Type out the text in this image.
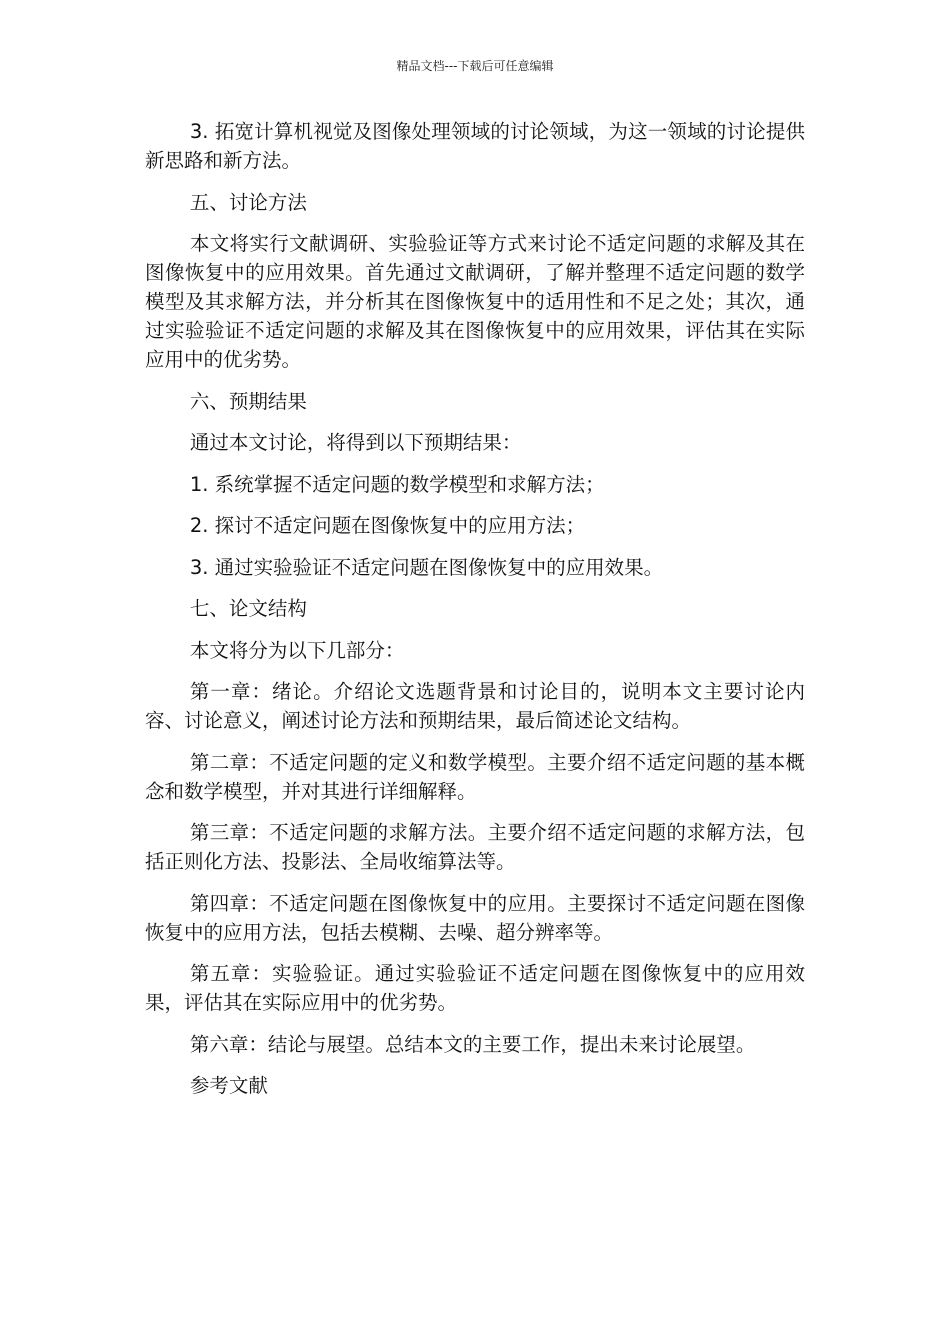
精品文档---下载后可任意编辑

3. 拓宽计算机视觉及图像处理领域的讨论领域，为这一领域的讨论提供新思路和新方法。

五、讨论方法

本文将实行文献调研、实验验证等方式来讨论不适定问题的求解及其在图像恢复中的应用效果。首先通过文献调研，了解并整理不适定问题的数学模型及其求解方法，并分析其在图像恢复中的适用性和不足之处；其次，通过实验验证不适定问题的求解及其在图像恢复中的应用效果，评估其在实际应用中的优劣势。

六、预期结果

通过本文讨论，将得到以下预期结果：

1. 系统掌握不适定问题的数学模型和求解方法；

2. 探讨不适定问题在图像恢复中的应用方法；

3. 通过实验验证不适定问题在图像恢复中的应用效果。

七、论文结构

本文将分为以下几部分：

第一章：绪论。介绍论文选题背景和讨论目的，说明本文主要讨论内容、讨论意义，阐述讨论方法和预期结果，最后简述论文结构。

第二章：不适定问题的定义和数学模型。主要介绍不适定问题的基本概念和数学模型，并对其进行详细解释。

第三章：不适定问题的求解方法。主要介绍不适定问题的求解方法，包括正则化方法、投影法、全局收缩算法等。

第四章：不适定问题在图像恢复中的应用。主要探讨不适定问题在图像恢复中的应用方法，包括去模糊、去噪、超分辨率等。

第五章：实验验证。通过实验验证不适定问题在图像恢复中的应用效果，评估其在实际应用中的优劣势。

第六章：结论与展望。总结本文的主要工作，提出未来讨论展望。

参考文献
